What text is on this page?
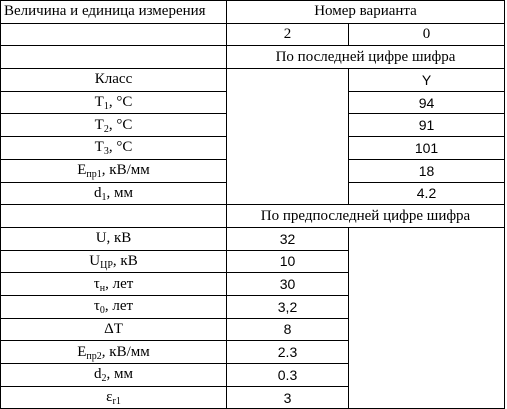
Величина и единица измерения	Номер варианта	
	2	0
	По последней цифре шифра	
Класс		Y
$T_1$, °C		94
$T_2$, °C		91
$T_3$, °C		101
$E_{пр1}$, кВ/мм		18
$d_1$, мм		4.2
	По предпоследней цифре шифра	
U, кВ	32	
$U_{ЦР}$, кВ	10	
$\tau_н$, лет	30	
$\tau_0$, лет	3,2	
ΔT	8	
$E_{пр2}$, кВ/мм	2.3	
$d_2$, мм	0.3	
$\varepsilon_{r1}$	3	
